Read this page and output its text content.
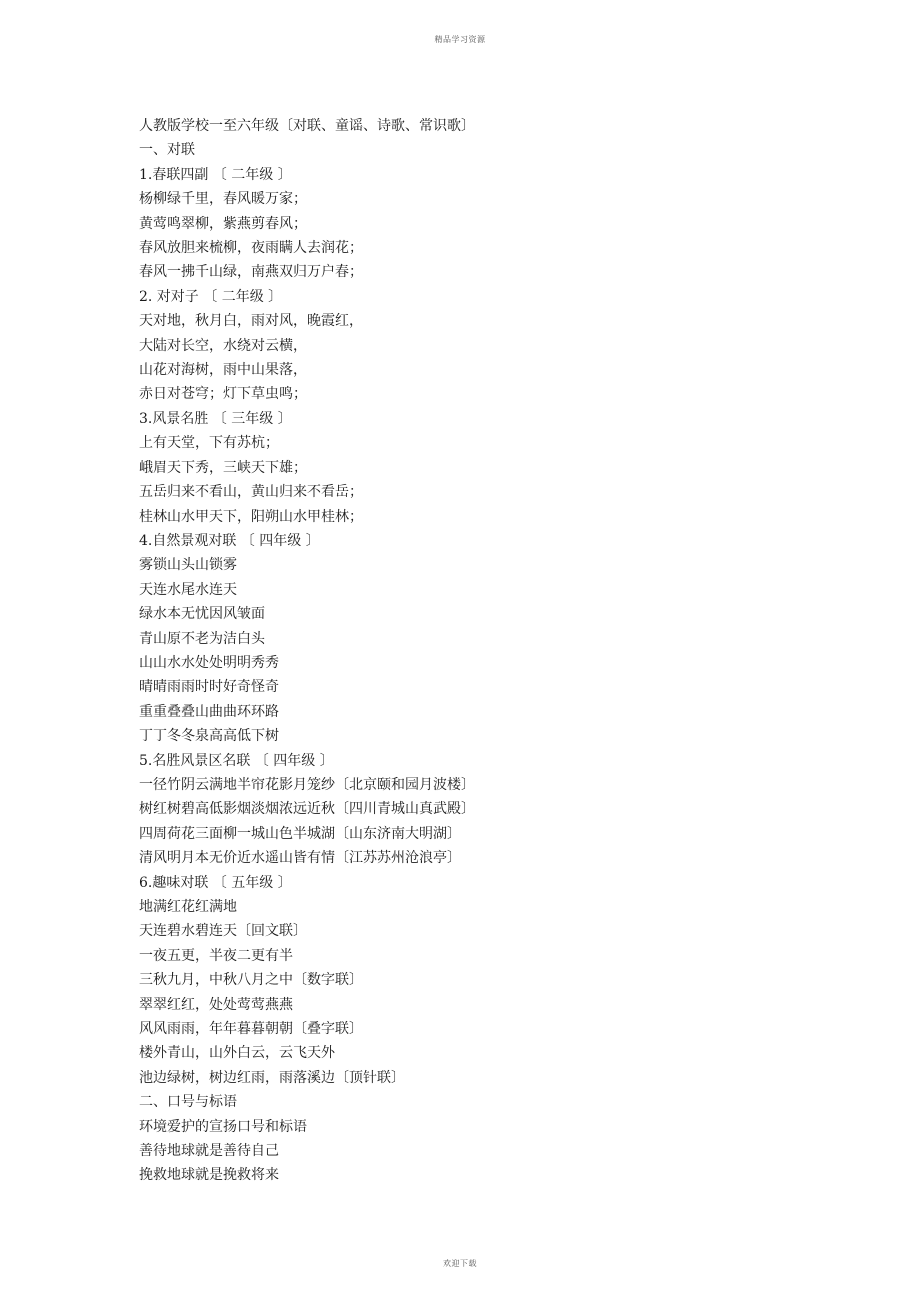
精品学习资源
人教版学校一至六年级〔对联、童谣、诗歌、常识歌〕
一、对联
1.春联四副 〔 二年级 〕
杨柳绿千里，春风暖万家；
黄莺鸣翠柳，紫燕剪春风；
春风放胆来梳柳，夜雨瞒人去润花；
春风一拂千山绿，南燕双归万户春；
2. 对对子 〔 二年级 〕
天对地，秋月白，雨对风，晚霞红，
大陆对长空，水绕对云横，
山花对海树，雨中山果落，
赤日对苍穹；灯下草虫鸣；
3.风景名胜 〔 三年级 〕
上有天堂，下有苏杭；
峨眉天下秀，三峡天下雄；
五岳归来不看山，黄山归来不看岳；
桂林山水甲天下，阳朔山水甲桂林；
4.自然景观对联 〔 四年级 〕
雾锁山头山锁雾
天连水尾水连天
绿水本无忧因风皱面
青山原不老为洁白头
山山水水处处明明秀秀
晴晴雨雨时时好奇怪奇
重重叠叠山曲曲环环路
丁丁冬冬泉高高低下树
5.名胜风景区名联 〔 四年级 〕
一径竹阴云满地半帘花影月笼纱〔北京颐和园月波楼〕
树红树碧高低影烟淡烟浓远近秋〔四川青城山真武殿〕
四周荷花三面柳一城山色半城湖〔山东济南大明湖〕
清风明月本无价近水遥山皆有情〔江苏苏州沧浪亭〕
6.趣味对联 〔 五年级 〕
地满红花红满地
天连碧水碧连天〔回文联〕
一夜五更，半夜二更有半
三秋九月，中秋八月之中〔数字联〕
翠翠红红，处处莺莺燕燕
风风雨雨，年年暮暮朝朝〔叠字联〕
楼外青山，山外白云，云飞天外
池边绿树，树边红雨，雨落溪边〔顶针联〕
二、口号与标语
环境爱护的宣扬口号和标语
善待地球就是善待自己
挽救地球就是挽救将来
欢迎下载
